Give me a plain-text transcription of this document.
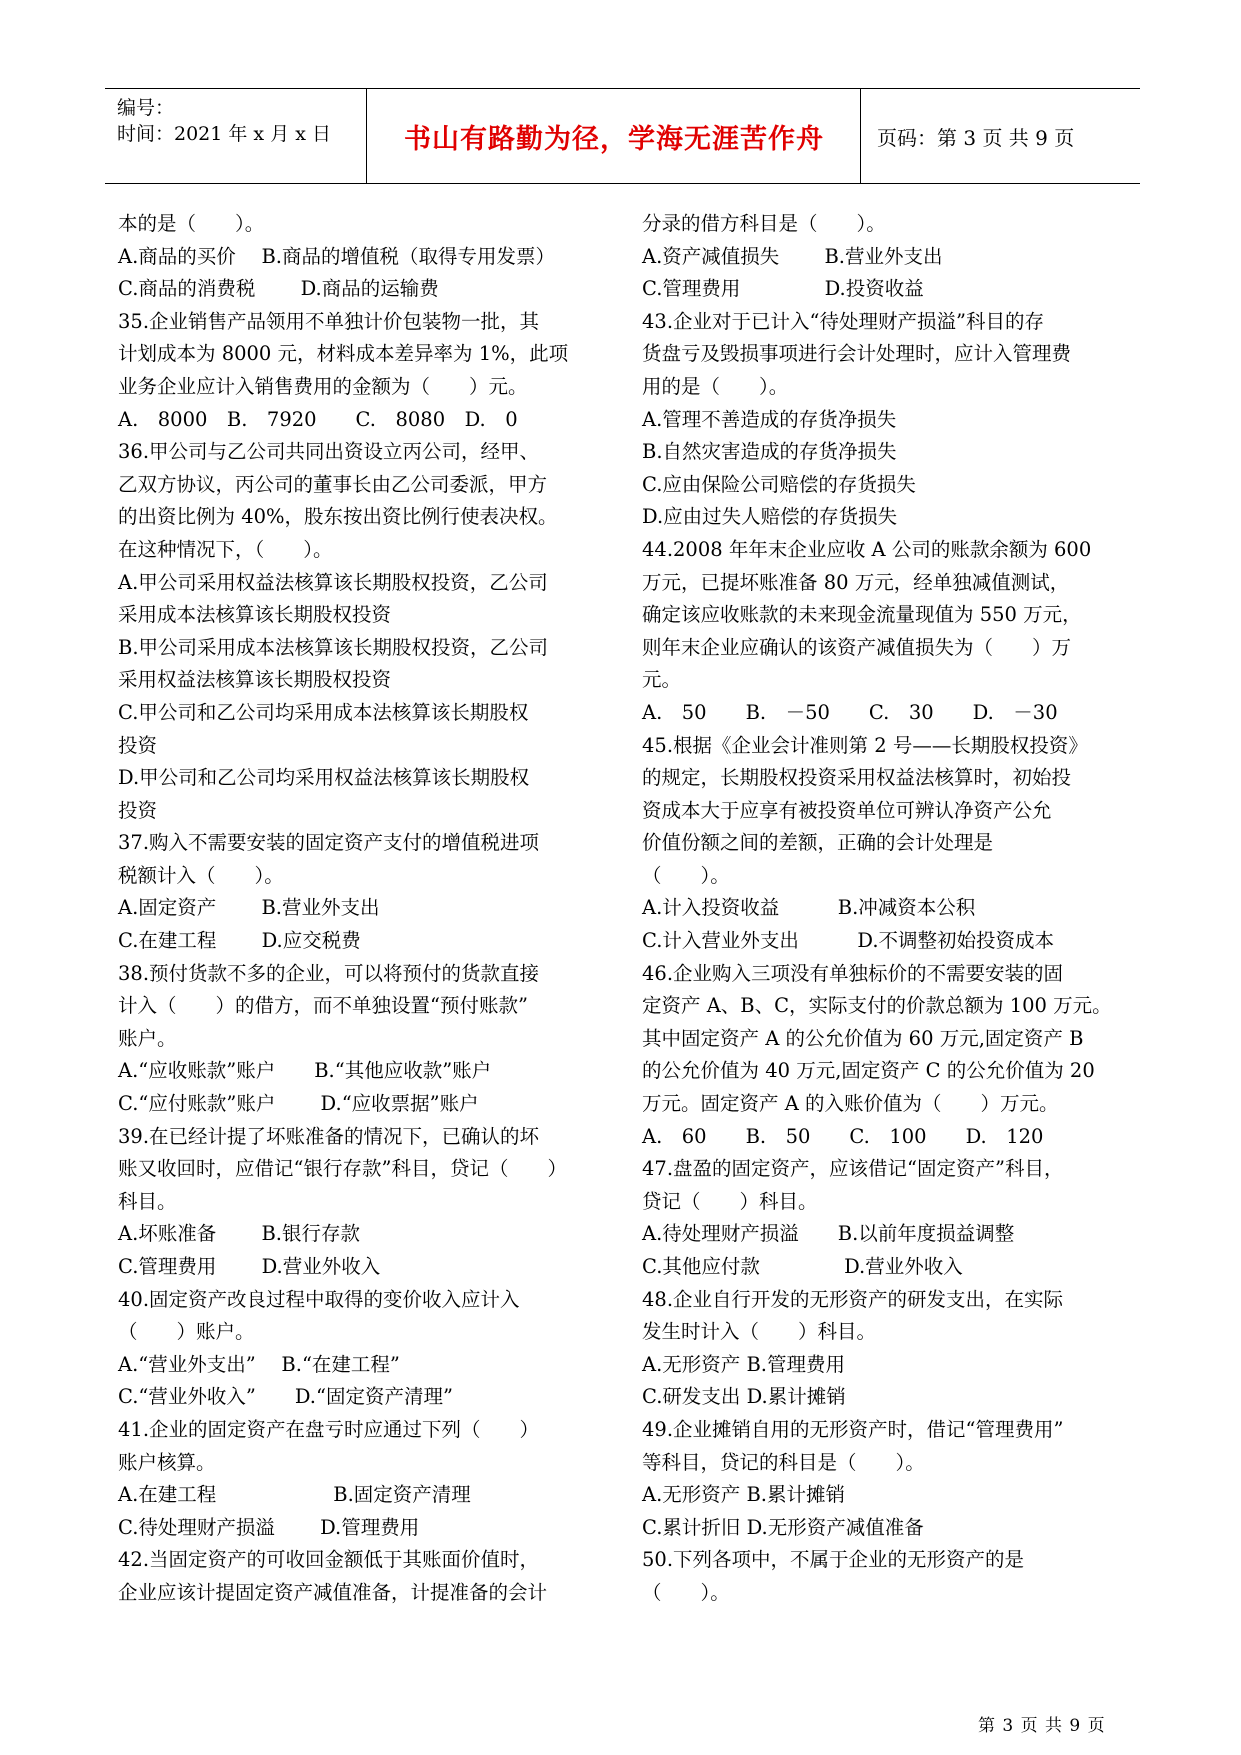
编号：
时间：2021 年 x 月 x 日	书山有路勤为径，学海无涯苦作舟	页码：第 3 页 共 9 页
本的是（　　）。
A.商品的买价　 B.商品的增值税（取得专用发票）
C.商品的消费税　　 D.商品的运输费
35.企业销售产品领用不单独计价包装物一批，其
计划成本为 8000 元，材料成本差异率为 1%，此项
业务企业应计入销售费用的金额为（　　）元。
A.　8000　B.　7920　　C.　8080　D.　0
36.甲公司与乙公司共同出资设立丙公司，经甲、
乙双方协议，丙公司的董事长由乙公司委派，甲方
的出资比例为 40%，股东按出资比例行使表决权。
在这种情况下，（　　）。
A.甲公司采用权益法核算该长期股权投资，乙公司
采用成本法核算该长期股权投资
B.甲公司采用成本法核算该长期股权投资，乙公司
采用权益法核算该长期股权投资
C.甲公司和乙公司均采用成本法核算该长期股权
投资
D.甲公司和乙公司均采用权益法核算该长期股权
投资
37.购入不需要安装的固定资产支付的增值税进项
税额计入（　　）。
A.固定资产　　 B.营业外支出
C.在建工程　　 D.应交税费
38.预付货款不多的企业，可以将预付的货款直接
计入（　　）的借方，而不单独设置“预付账款”
账户。
A.“应收账款”账户　　B.“其他应收款”账户
C.“应付账款”账户　　 D.“应收票据”账户
39.在已经计提了坏账准备的情况下，已确认的坏
账又收回时，应借记“银行存款”科目，贷记（　　）
科目。
A.坏账准备　　 B.银行存款
C.管理费用　　 D.营业外收入
40.固定资产改良过程中取得的变价收入应计入
（　　）账户。
A.“营业外支出”　 B.“在建工程”
C.“营业外收入”　　D.“固定资产清理”
41.企业的固定资产在盘亏时应通过下列（　　）
账户核算。
A.在建工程　　　　　　B.固定资产清理
C.待处理财产损溢　　 D.管理费用
42.当固定资产的可收回金额低于其账面价值时，
企业应该计提固定资产减值准备，计提准备的会计
分录的借方科目是（　　）。
A.资产减值损失　　 B.营业外支出
C.管理费用　　　　 D.投资收益
43.企业对于已计入“待处理财产损溢”科目的存
货盘亏及毁损事项进行会计处理时，应计入管理费
用的是（　　）。
A.管理不善造成的存货净损失
B.自然灾害造成的存货净损失
C.应由保险公司赔偿的存货损失
D.应由过失人赔偿的存货损失
44.2008 年年末企业应收 A 公司的账款余额为 600
万元，已提坏账准备 80 万元，经单独减值测试，
确定该应收账款的未来现金流量现值为 550 万元，
则年末企业应确认的该资产减值损失为（　　）万
元。
A.　50　　B.　－50　　C.　30　　D.　－30
45.根据《企业会计准则第 2 号——长期股权投资》
的规定，长期股权投资采用权益法核算时，初始投
资成本大于应享有被投资单位可辨认净资产公允
价值份额之间的差额，正确的会计处理是
（　　）。
A.计入投资收益　　　B.冲减资本公积
C.计入营业外支出　　　D.不调整初始投资成本
46.企业购入三项没有单独标价的不需要安装的固
定资产 A、B、C，实际支付的价款总额为 100 万元。
其中固定资产 A 的公允价值为 60 万元,固定资产 B
的公允价值为 40 万元,固定资产 C 的公允价值为 20
万元。固定资产 A 的入账价值为（　　）万元。
A.　60　　B.　50　　C.　100　　D.　120
47.盘盈的固定资产，应该借记“固定资产”科目，
贷记（　　）科目。
A.待处理财产损溢　　B.以前年度损益调整
C.其他应付款　　　　 D.营业外收入
48.企业自行开发的无形资产的研发支出，在实际
发生时计入（　　）科目。
A.无形资产 B.管理费用
C.研发支出 D.累计摊销
49.企业摊销自用的无形资产时，借记“管理费用”
等科目，贷记的科目是（　　）。
A.无形资产 B.累计摊销
C.累计折旧 D.无形资产减值准备
50.下列各项中，不属于企业的无形资产的是
（　　）。
第 3 页 共 9 页
